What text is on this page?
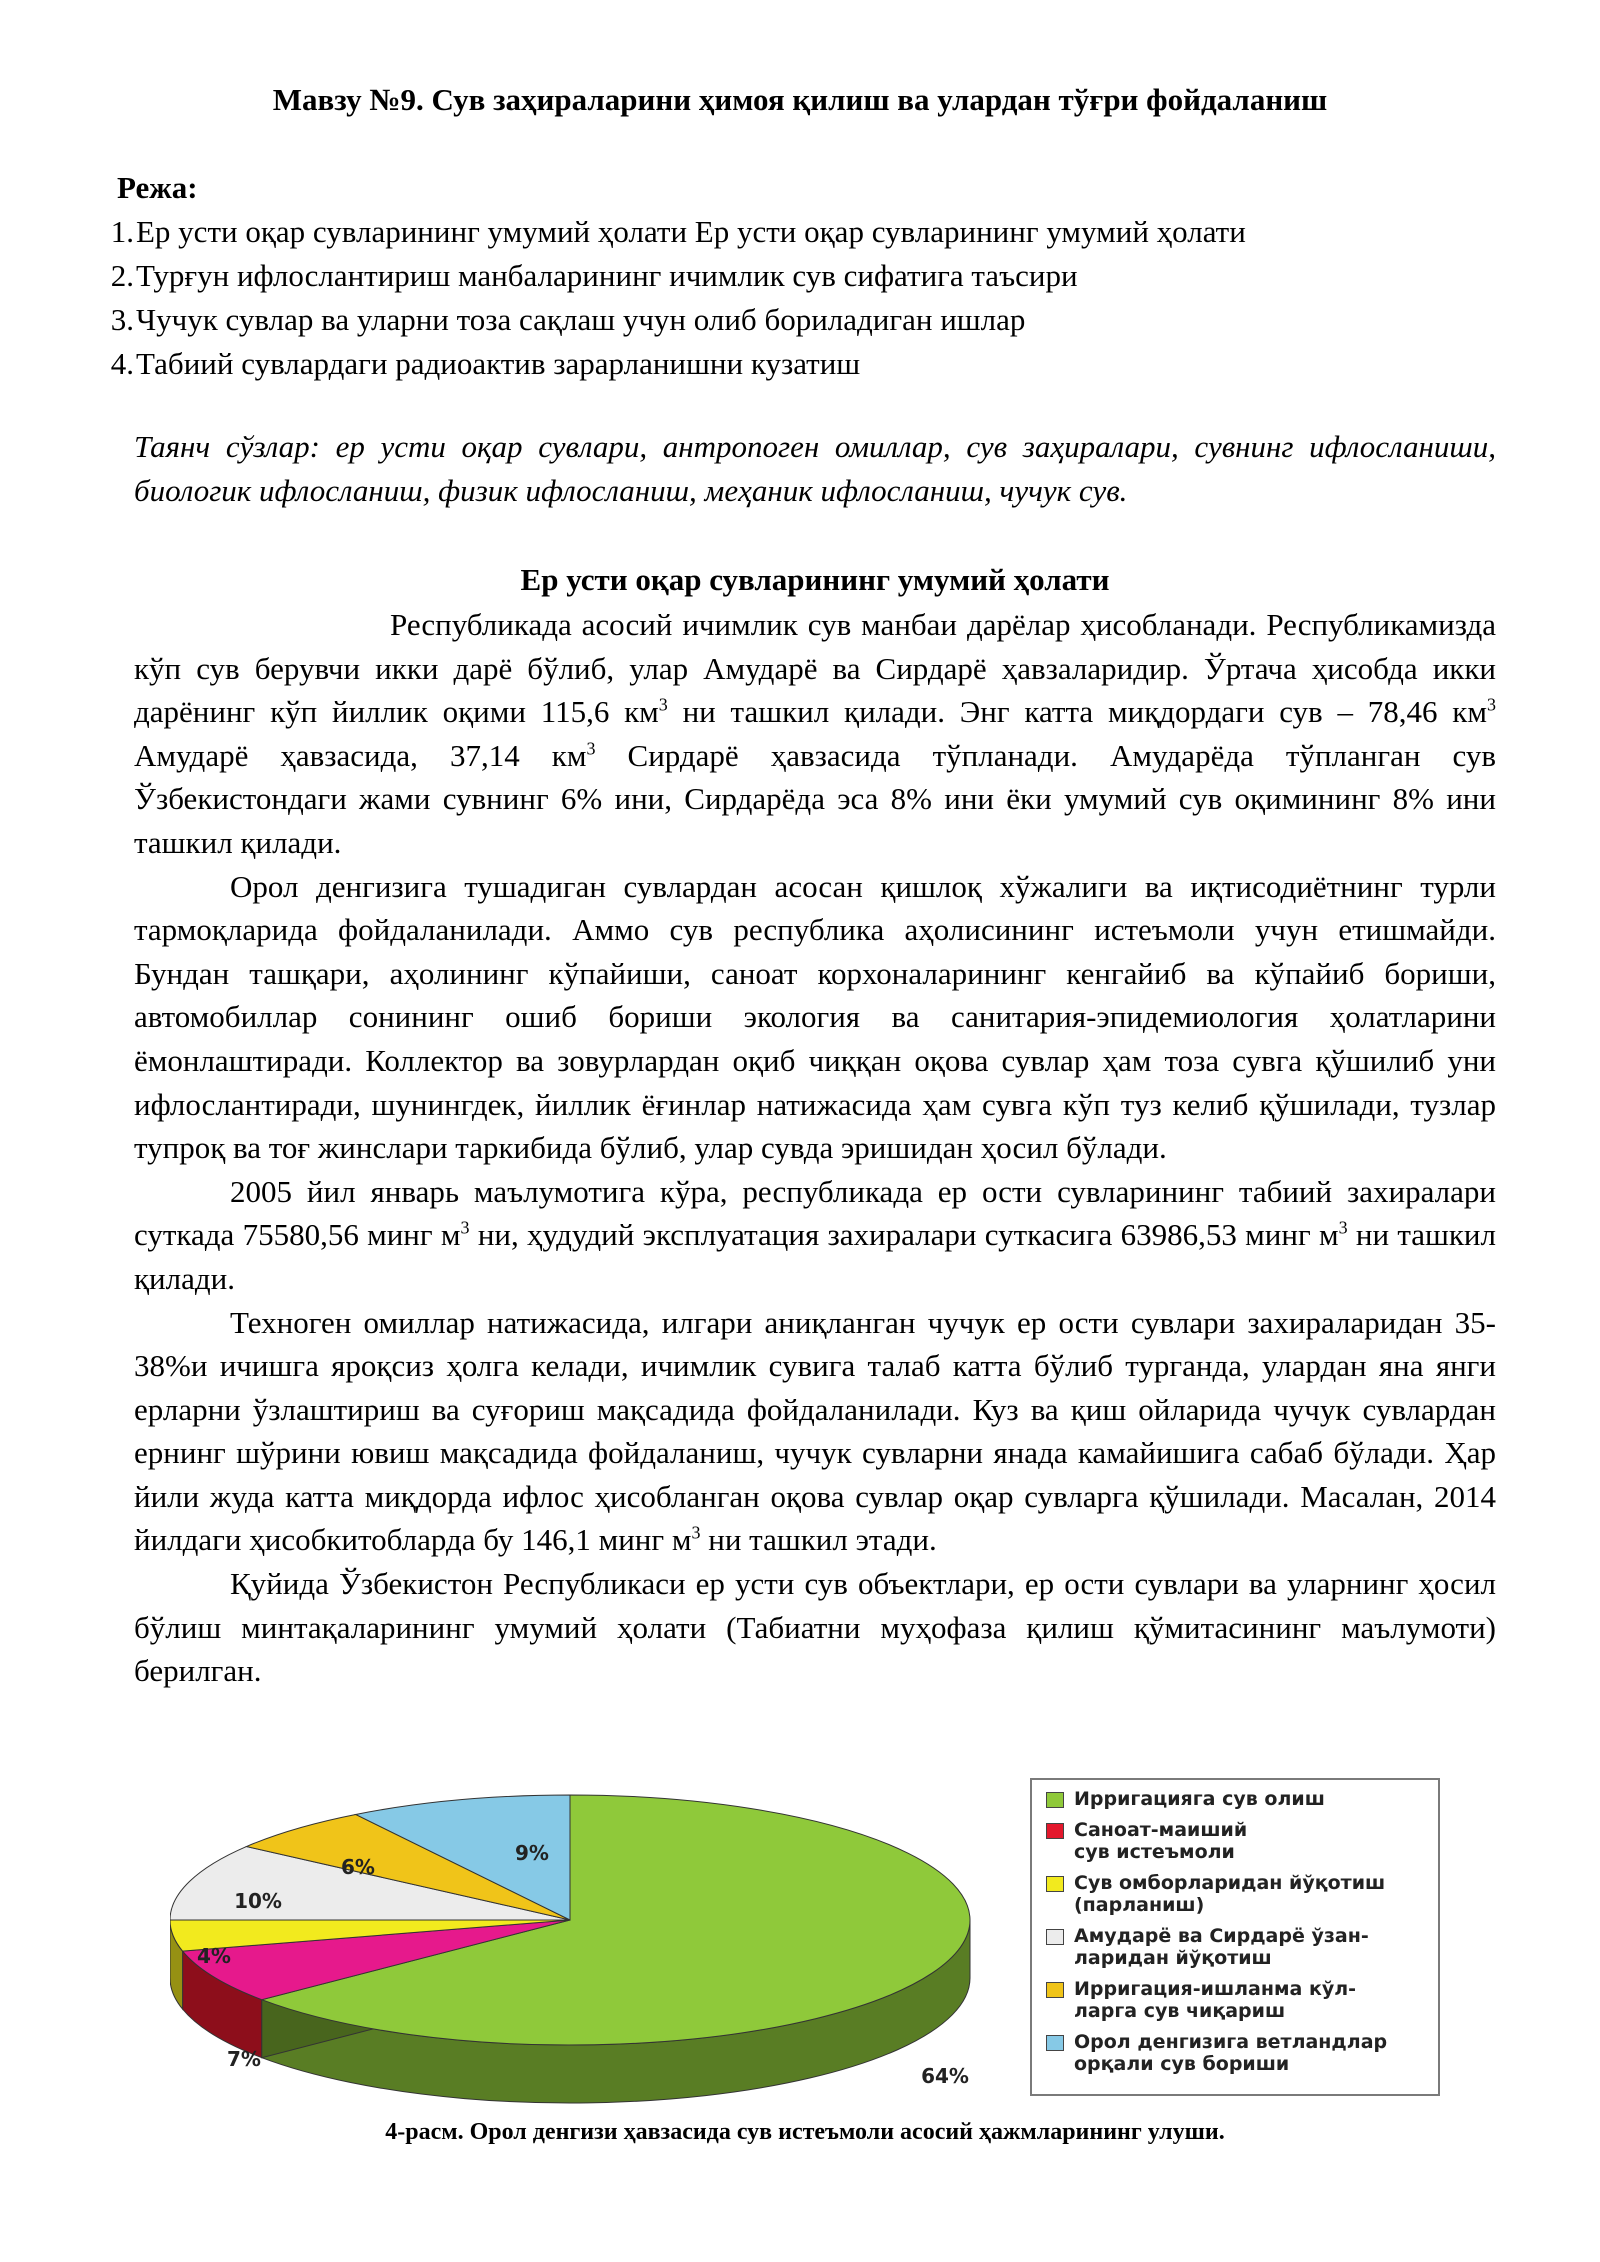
Мавзу №9. Сув заҳираларини ҳимоя қилиш ва улардан тўғри фойдаланиш
Режа:
1.Ер усти оқар сувларининг умумий ҳолати Ер усти оқар сувларининг умумий ҳолати
2.Турғун ифлослантириш манбаларининг ичимлик сув сифатига таъсири
3.Чучук сувлар ва уларни тоза сақлаш учун олиб бориладиган ишлар
4.Табиий сувлардаги радиоактив зарарланишни кузатиш

Таянч сўзлар: ер усти оқар сувлари, антропоген омиллар, сув заҳиралари, сувнинг ифлосланиши, биологик ифлосланиш, физик ифлосланиш, меҳаник ифлосланиш, чучук сув.

Ер усти оқар сувларининг умумий ҳолати

Республикада асосий ичимлик сув манбаи дарёлар ҳисобланади. Республикамизда кўп сув берувчи икки дарё бўлиб, улар Амударё ва Сирдарё ҳавзаларидир. Ўртача ҳисобда икки дарёнинг кўп йиллик оқими 115,6 $км^3$ ни ташкил қилади. Энг катта миқдордаги сув – 78,46 $км^3$ Амударё ҳавзасида, 37,14 $км^3$ Сирдарё ҳавзасида тўпланади. Амударёда тўпланган сув Ўзбекистондаги жами сувнинг 6% ини, Сирдарёда эса 8% ини ёки умумий сув оқимининг 8% ини ташкил қилади.

Орол денгизига тушадиган сувлардан асосан қишлоқ хўжалиги ва иқтисодиётнинг турли тармоқларида фойдаланилади. Аммо сув республика аҳолисининг истеъмоли учун етишмайди. Бундан ташқари, аҳолининг кўпайиши, саноат корхоналарининг кенгайиб ва кўпайиб бориши, автомобиллар сонининг ошиб бориши экология ва санитария-эпидемиология ҳолатларини ёмонлаштиради. Коллектор ва зовурлардан оқиб чиққан оқова сувлар ҳам тоза сувга қўшилиб уни ифлослантиради, шунингдек, йиллик ёғинлар натижасида ҳам сувга кўп туз келиб қўшилади, тузлар тупроқ ва тоғ жинслари таркибида бўлиб, улар сувда эришидан ҳосил бўлади.

2005 йил январь маълумотига кўра, республикада ер ости сувларининг табиий захиралари суткада 75580,56 минг $м^3$ ни, ҳудудий эксплуатация захиралари суткасига 63986,53 минг $м^3$ ни ташкил қилади.

Техноген омиллар натижасида, илгари аниқланган чучук ер ости сувлари захираларидан 35-38%и ичишга яроқсиз ҳолга келади, ичимлик сувига талаб катта бўлиб турганда, улардан яна янги ерларни ўзлаштириш ва суғориш мақсадида фойдаланилади. Куз ва қиш ойларида чучук сувлардан ернинг шўрини ювиш мақсадида фойдаланиш, чучук сувларни янада камайишига сабаб бўлади. Ҳар йили жуда катта миқдорда ифлос ҳисобланган оқова сувлар оқар сувларга қўшилади. Масалан, 2014 йилдаги ҳисобкитобларда бу 146,1 минг $м^3$ ни ташкил этади.

Қуйида Ўзбекистон Республикаси ер усти сув объектлари, ер ости сувлари ва уларнинг ҳосил бўлиш минтақаларининг умумий ҳолати (Табиатни муҳофаза қилиш қўмитасининг маълумоти) берилган.

64%
7%
4%
10%
6%
9%
Ирригацияга сув олиш
Саноат-маиший
сув истеъмоли
Сув омборларидан йўқотиш
(парланиш)
Амударё ва Сирдарё ўзан-
ларидан йўқотиш
Ирригация-ишланма кўл-
ларга сув чиқариш
Орол денгизига ветландлар
орқали сув бориши
4-расм. Орол денгизи ҳавзасида сув истеъмоли асосий ҳажмларининг улуши.
